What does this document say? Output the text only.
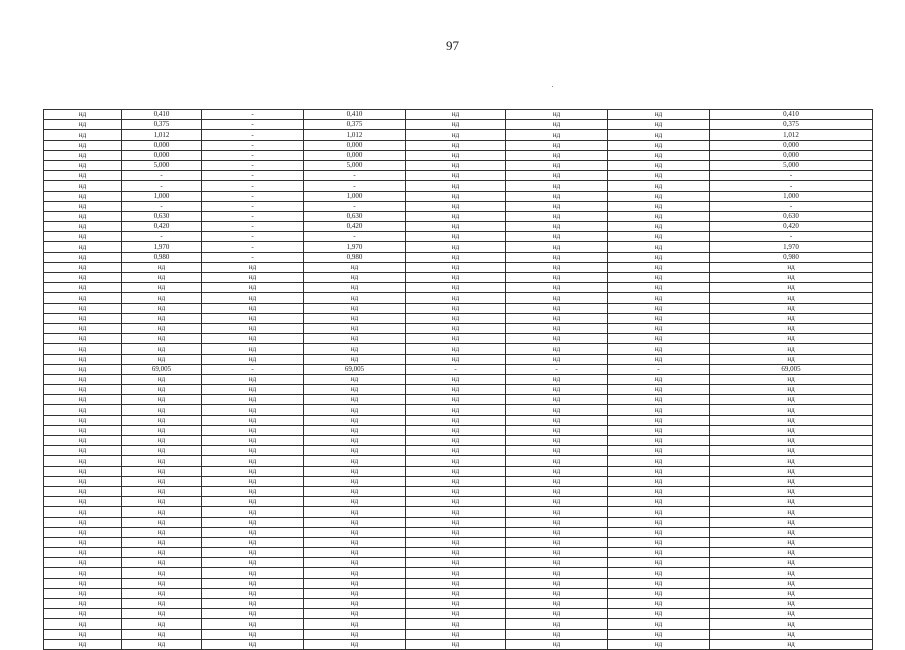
97
нд	0,410	-	0,410	нд	нд	нд	0,410
нд	0,375	-	0,375	нд	нд	нд	0,375
нд	1,012	-	1,012	нд	нд	нд	1,012
нд	0,000	-	0,000	нд	нд	нд	0,000
нд	0,000	-	0,000	нд	нд	нд	0,000
нд	5,000	-	5,000	нд	нд	нд	5,000
нд	-	-	-	нд	нд	нд	-
нд	-	-	-	нд	нд	нд	-
нд	1,000	-	1,000	нд	нд	нд	1,000
нд	-	-	-	нд	нд	нд	-
нд	0,630	-	0,630	нд	нд	нд	0,630
нд	0,420	-	0,420	нд	нд	нд	0,420
нд	-	-	-	нд	нд	нд	-
нд	1,970	-	1,970	нд	нд	нд	1,970
нд	0,980	-	0,980	нд	нд	нд	0,980
нд	нд	нд	нд	нд	нд	нд	нд
нд	нд	нд	нд	нд	нд	нд	нд
нд	нд	нд	нд	нд	нд	нд	нд
нд	нд	нд	нд	нд	нд	нд	нд
нд	нд	нд	нд	нд	нд	нд	нд
нд	нд	нд	нд	нд	нд	нд	нд
нд	нд	нд	нд	нд	нд	нд	нд
нд	нд	нд	нд	нд	нд	нд	нд
нд	нд	нд	нд	нд	нд	нд	нд
нд	нд	нд	нд	нд	нд	нд	нд
нд	69,005	-	69,005	-	-	-	69,005
нд	нд	нд	нд	нд	нд	нд	нд
нд	нд	нд	нд	нд	нд	нд	нд
нд	нд	нд	нд	нд	нд	нд	нд
нд	нд	нд	нд	нд	нд	нд	нд
нд	нд	нд	нд	нд	нд	нд	нд
нд	нд	нд	нд	нд	нд	нд	нд
нд	нд	нд	нд	нд	нд	нд	нд
нд	нд	нд	нд	нд	нд	нд	нд
нд	нд	нд	нд	нд	нд	нд	нд
нд	нд	нд	нд	нд	нд	нд	нд
нд	нд	нд	нд	нд	нд	нд	нд
нд	нд	нд	нд	нд	нд	нд	нд
нд	нд	нд	нд	нд	нд	нд	нд
нд	нд	нд	нд	нд	нд	нд	нд
нд	нд	нд	нд	нд	нд	нд	нд
нд	нд	нд	нд	нд	нд	нд	нд
нд	нд	нд	нд	нд	нд	нд	нд
нд	нд	нд	нд	нд	нд	нд	нд
нд	нд	нд	нд	нд	нд	нд	нд
нд	нд	нд	нд	нд	нд	нд	нд
нд	нд	нд	нд	нд	нд	нд	нд
нд	нд	нд	нд	нд	нд	нд	нд
нд	нд	нд	нд	нд	нд	нд	нд
нд	нд	нд	нд	нд	нд	нд	нд
нд	нд	нд	нд	нд	нд	нд	нд
нд	нд	нд	нд	нд	нд	нд	нд
нд	нд	нд	нд	нд	нд	нд	нд
